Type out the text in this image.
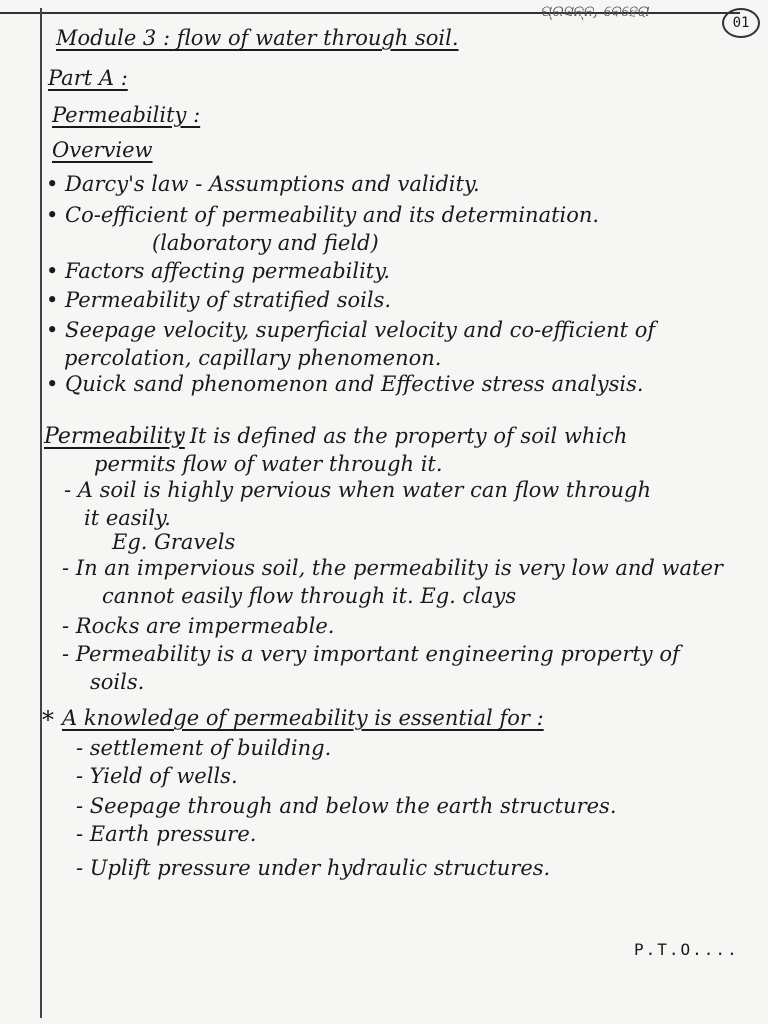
ପ୍ରସନ୍ନ, ବେହେରା
01
Module 3 : flow of water through soil.
Part A :
Permeability :
Overview
• Darcy's law - Assumptions and validity.
• Co-efficient of permeability and its determination.
(laboratory and field)
• Factors affecting permeability.
• Permeability of stratified soils.
• Seepage velocity, superficial velocity and co-efficient of
percolation, capillary phenomenon.
• Quick sand phenomenon and Effective stress analysis.
Permeability
: It is defined as the property of soil which
permits flow of water through it.
- A soil is highly pervious when water can flow through
it easily.
Eg. Gravels
- In an impervious soil, the permeability is very low and water
cannot easily flow through it. Eg. clays
- Rocks are impermeable.
- Permeability is a very important engineering property of
soils.
* A knowledge of permeability is essential for :
- settlement of building.
- Yield of wells.
- Seepage through and below the earth structures.
- Earth pressure.
- Uplift pressure under hydraulic structures.
P.T.O....
